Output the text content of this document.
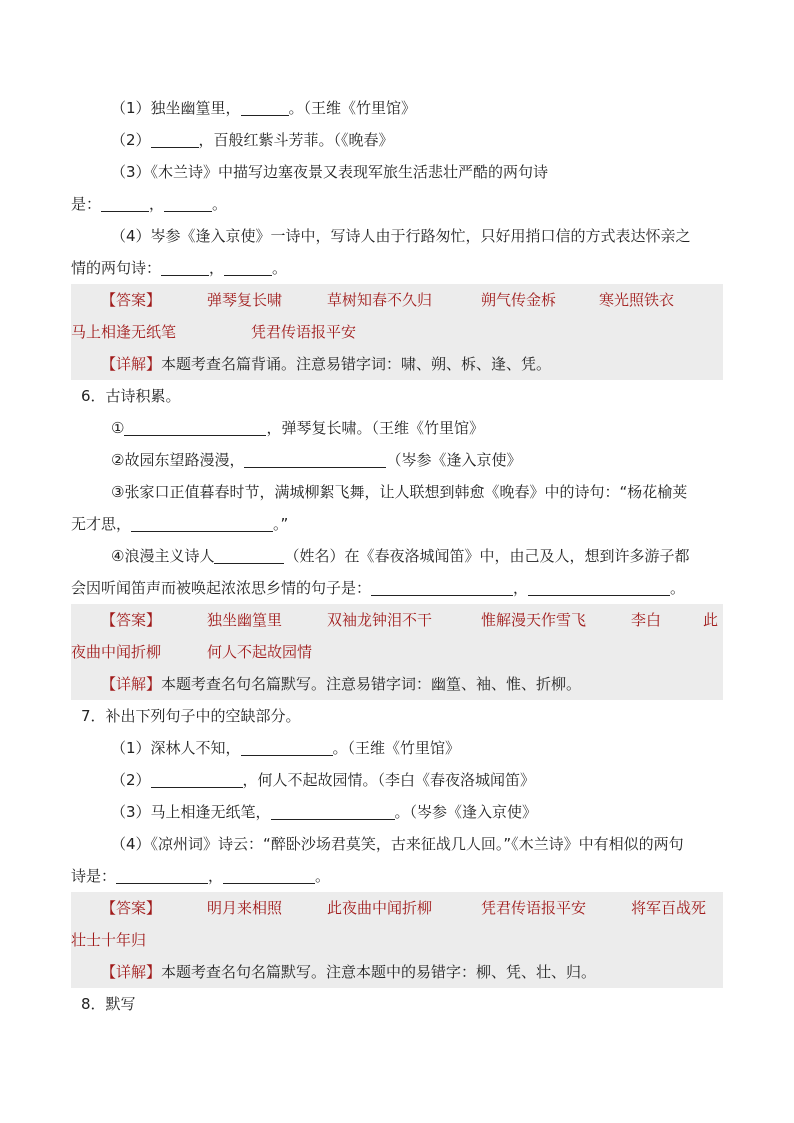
（1）独坐幽篁里，	。（王维《竹里馆》
（2）	，百般红紫斗芳菲。（《晚春》
（3）《木兰诗》中描写边塞夜景又表现军旅生活悲壮严酷的两句诗
是：	，	。
（4）岑参《逢入京使》一诗中，写诗人由于行路匆忙，只好用捎口信的方式表达怀亲之
情的两句诗：	，	。
【答案】	弹琴复长啸	草树知春不久归	朔气传金柝	寒光照铁衣
马上相逢无纸笔	凭君传语报平安
【详解】本题考查名篇背诵。注意易错字词：啸、朔、柝、逢、凭。
6．古诗积累。
①	，弹琴复长啸。（王维《竹里馆》
②故园东望路漫漫，	（岑参《逢入京使》
③张家口正值暮春时节，满城柳絮飞舞，让人联想到韩愈《晚春》中的诗句：“杨花榆荚
无才思，	。”
④浪漫主义诗人	（姓名）在《春夜洛城闻笛》中，由己及人，想到许多游子都
会因听闻笛声而被唤起浓浓思乡情的句子是：	，	。
【答案】	独坐幽篁里	双袖龙钟泪不干	惟解漫天作雪飞	李白	此
夜曲中闻折柳	何人不起故园情
【详解】本题考查名句名篇默写。注意易错字词：幽篁、袖、惟、折柳。
7．补出下列句子中的空缺部分。
（1）深林人不知，	。（王维《竹里馆》
（2）	，何人不起故园情。（李白《春夜洛城闻笛》
（3）马上相逢无纸笔，	。（岑参《逢入京使》
（4）《凉州词》诗云：“醉卧沙场君莫笑，古来征战几人回。”《木兰诗》中有相似的两句
诗是：	，	。
【答案】	明月来相照	此夜曲中闻折柳	凭君传语报平安	将军百战死
壮士十年归
【详解】本题考查名句名篇默写。注意本题中的易错字：柳、凭、壮、归。
8．默写
